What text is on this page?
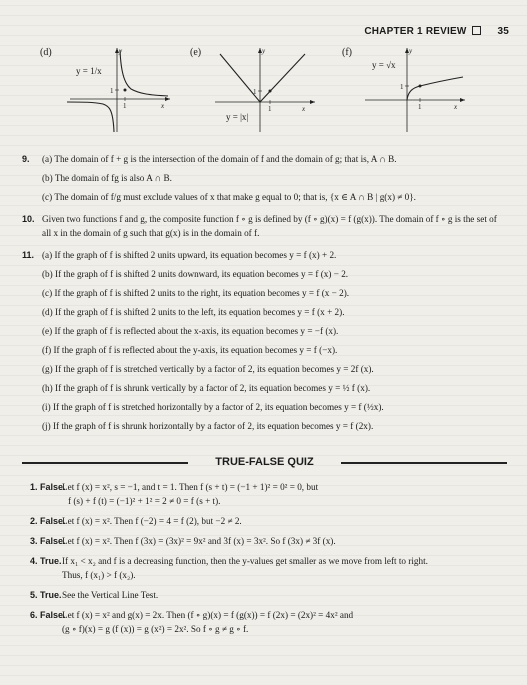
CHAPTER 1 REVIEW	35
(d)
x
y
1
1
y = 1/x
(e)
x
y
1
1
y = |x|
(f)
x
y
1
1
y = √x
9. (a) The domain of f + g is the intersection of the domain of f and the domain of g; that is, A ∩ B.
(b) The domain of fg is also A ∩ B.
(c) The domain of f/g must exclude values of x that make g equal to 0; that is, {x ∈ A ∩ B | g(x) ≠ 0}.
10. Given two functions f and g, the composite function f ∘ g is defined by (f ∘ g)(x) = f (g(x)). The domain of f ∘ g is the set of all x in the domain of g such that g(x) is in the domain of f.
11. (a) If the graph of f is shifted 2 units upward, its equation becomes y = f (x) + 2.
(b) If the graph of f is shifted 2 units downward, its equation becomes y = f (x) − 2.
(c) If the graph of f is shifted 2 units to the right, its equation becomes y = f (x − 2).
(d) If the graph of f is shifted 2 units to the left, its equation becomes y = f (x + 2).
(e) If the graph of f is reflected about the x-axis, its equation becomes y = −f (x).
(f) If the graph of f is reflected about the y-axis, its equation becomes y = f (−x).
(g) If the graph of f is stretched vertically by a factor of 2, its equation becomes y = 2f (x).
(h) If the graph of f is shrunk vertically by a factor of 2, its equation becomes y = ½ f (x).
(i) If the graph of f is stretched horizontally by a factor of 2, its equation becomes y = f (½x).
(j) If the graph of f is shrunk horizontally by a factor of 2, its equation becomes y = f (2x).
TRUE-FALSE QUIZ
1. False.
Let f (x) = x², s = −1, and t = 1. Then f (s + t) = (−1 + 1)² = 0² = 0, but
f (s) + f (t) = (−1)² + 1² = 2 ≠ 0 = f (s + t).
2. False.
Let f (x) = x². Then f (−2) = 4 = f (2), but −2 ≠ 2.
3. False.
Let f (x) = x². Then f (3x) = (3x)² = 9x² and 3f (x) = 3x². So f (3x) ≠ 3f (x).
4. True. If x₁ < x₂ and f is a decreasing function, then the y-values get smaller as we move from left to right.
Thus, f (x₁) > f (x₂).
5. True. See the Vertical Line Test.
6. False.
Let f (x) = x² and g(x) = 2x. Then (f ∘ g)(x) = f (g(x)) = f (2x) = (2x)² = 4x² and
(g ∘ f)(x) = g (f (x)) = g (x²) = 2x². So f ∘ g ≠ g ∘ f.
